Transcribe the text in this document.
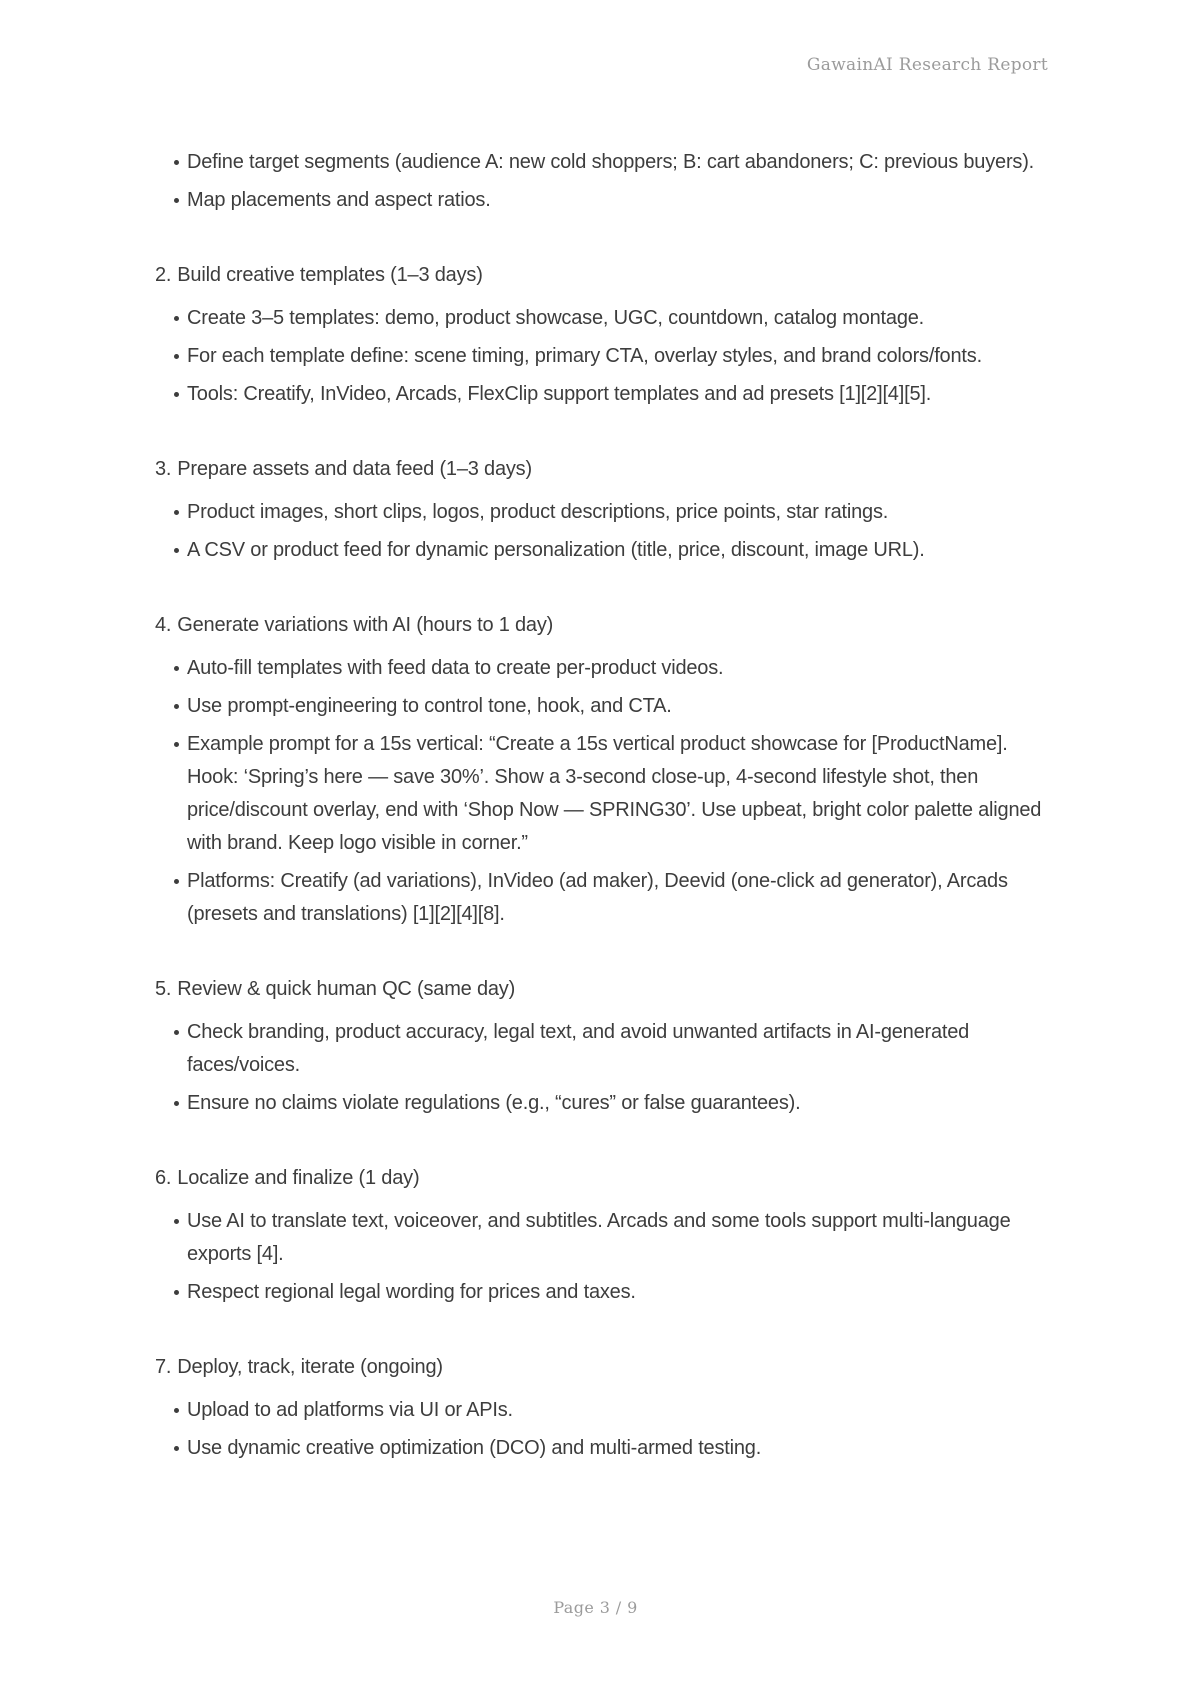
GawainAI Research Report
Define target segments (audience A: new cold shoppers; B: cart abandoners; C: previous buyers).
Map placements and aspect ratios.
2. Build creative templates (1–3 days)
Create 3–5 templates: demo, product showcase, UGC, countdown, catalog montage.
For each template define: scene timing, primary CTA, overlay styles, and brand colors/fonts.
Tools: Creatify, InVideo, Arcads, FlexClip support templates and ad presets [1][2][4][5].
3. Prepare assets and data feed (1–3 days)
Product images, short clips, logos, product descriptions, price points, star ratings.
A CSV or product feed for dynamic personalization (title, price, discount, image URL).
4. Generate variations with AI (hours to 1 day)
Auto-fill templates with feed data to create per-product videos.
Use prompt-engineering to control tone, hook, and CTA.
Example prompt for a 15s vertical: “Create a 15s vertical product showcase for [ProductName]. Hook: ‘Spring’s here — save 30%’. Show a 3-second close-up, 4-second lifestyle shot, then price/discount overlay, end with ‘Shop Now — SPRING30’. Use upbeat, bright color palette aligned with brand. Keep logo visible in corner.”
Platforms: Creatify (ad variations), InVideo (ad maker), Deevid (one-click ad generator), Arcads (presets and translations) [1][2][4][8].
5. Review & quick human QC (same day)
Check branding, product accuracy, legal text, and avoid unwanted artifacts in AI-generated faces/voices.
Ensure no claims violate regulations (e.g., “cures” or false guarantees).
6. Localize and finalize (1 day)
Use AI to translate text, voiceover, and subtitles. Arcads and some tools support multi-language exports [4].
Respect regional legal wording for prices and taxes.
7. Deploy, track, iterate (ongoing)
Upload to ad platforms via UI or APIs.
Use dynamic creative optimization (DCO) and multi-armed testing.
Page 3 / 9
